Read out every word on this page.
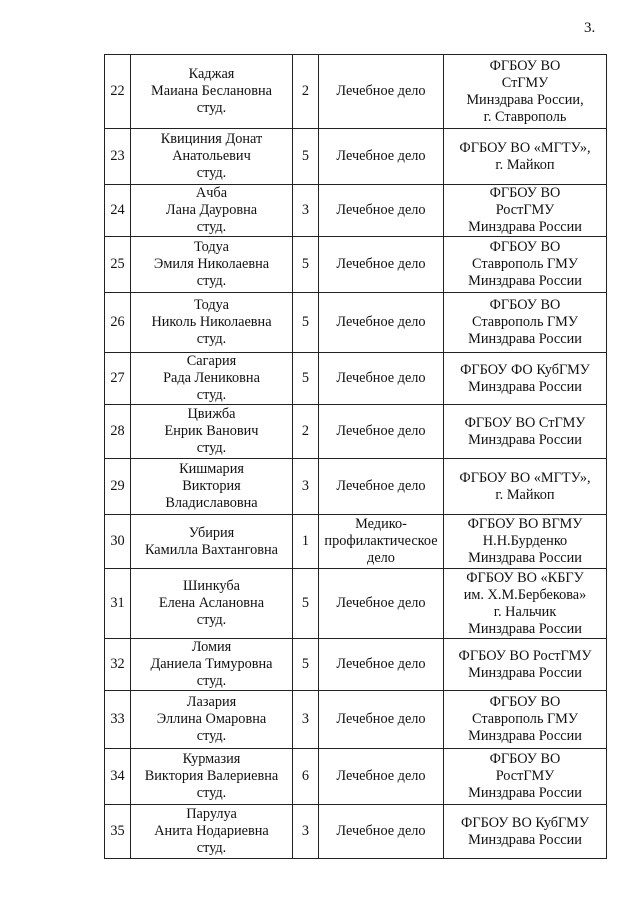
3.
22	Каджая
Маиана Беслановна
студ.	2	Лечебное дело	ФГБОУ ВО
СтГМУ
Минздрава России,
г. Ставрополь

23	Квициния Донат
Анатольевич
студ.	5	Лечебное дело	ФГБОУ ВО «МГТУ»,
г. Майкоп

24	Ачба
Лана Дауровна
студ.	3	Лечебное дело	ФГБОУ ВО
РостГМУ
Минздрава России

25	Тодуа
Эмиля Николаевна
студ.	5	Лечебное дело	ФГБОУ ВО
Ставрополь ГМУ
Минздрава России

26	Тодуа
Николь Николаевна
студ.	5	Лечебное дело	ФГБОУ ВО
Ставрополь ГМУ
Минздрава России

27	Сагария
Рада Лениковна
студ.	5	Лечебное дело	ФГБОУ ФО КубГМУ
Минздрава России

28	Цвижба
Енрик Ванович
студ.	2	Лечебное дело	ФГБОУ ВО СтГМУ
Минздрава России

29	Кишмария
Виктория
Владиславовна	3	Лечебное дело	ФГБОУ ВО «МГТУ»,
г. Майкоп

30	Убирия
Камилла Вахтанговна	1	Медико-
профилактическое
дело	ФГБОУ ВО ВГМУ
Н.Н.Бурденко
Минздрава России

31	Шинкуба
Елена Аслановна
студ.	5	Лечебное дело	ФГБОУ ВО «КБГУ
им. Х.М.Бербекова»
г. Нальчик
Минздрава России

32	Ломия
Даниела Тимуровна
студ.	5	Лечебное дело	ФГБОУ ВО РостГМУ
Минздрава России

33	Лазария
Эллина Омаровна
студ.	3	Лечебное дело	ФГБОУ ВО
Ставрополь ГМУ
Минздрава России

34	Курмазия
Виктория Валериевна
студ.	6	Лечебное дело	ФГБОУ ВО
РостГМУ
Минздрава России

35	Парулуа
Анита Нодариевна
студ.	3	Лечебное дело	ФГБОУ ВО КубГМУ
Минздрава России
